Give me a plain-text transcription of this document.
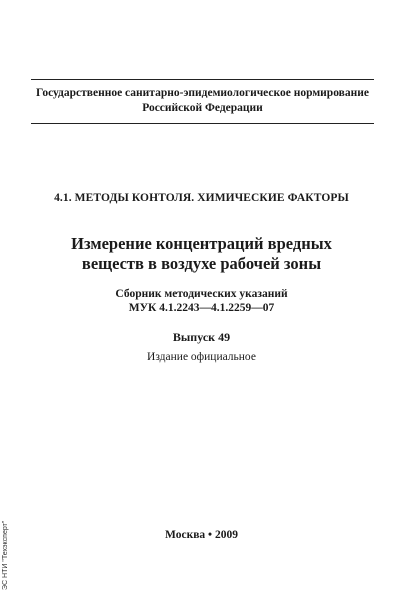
Государственное санитарно-эпидемиологическое нормирование
Российской Федерации
4.1. МЕТОДЫ КОНТОЛЯ. ХИМИЧЕСКИЕ ФАКТОРЫ
Измерение концентраций вредных
веществ в воздухе рабочей зоны
Сборник методических указаний
МУК 4.1.2243—4.1.2259—07
Выпуск 49
Издание официальное
Москва • 2009
ЭС НТИ "Техэксперт"
